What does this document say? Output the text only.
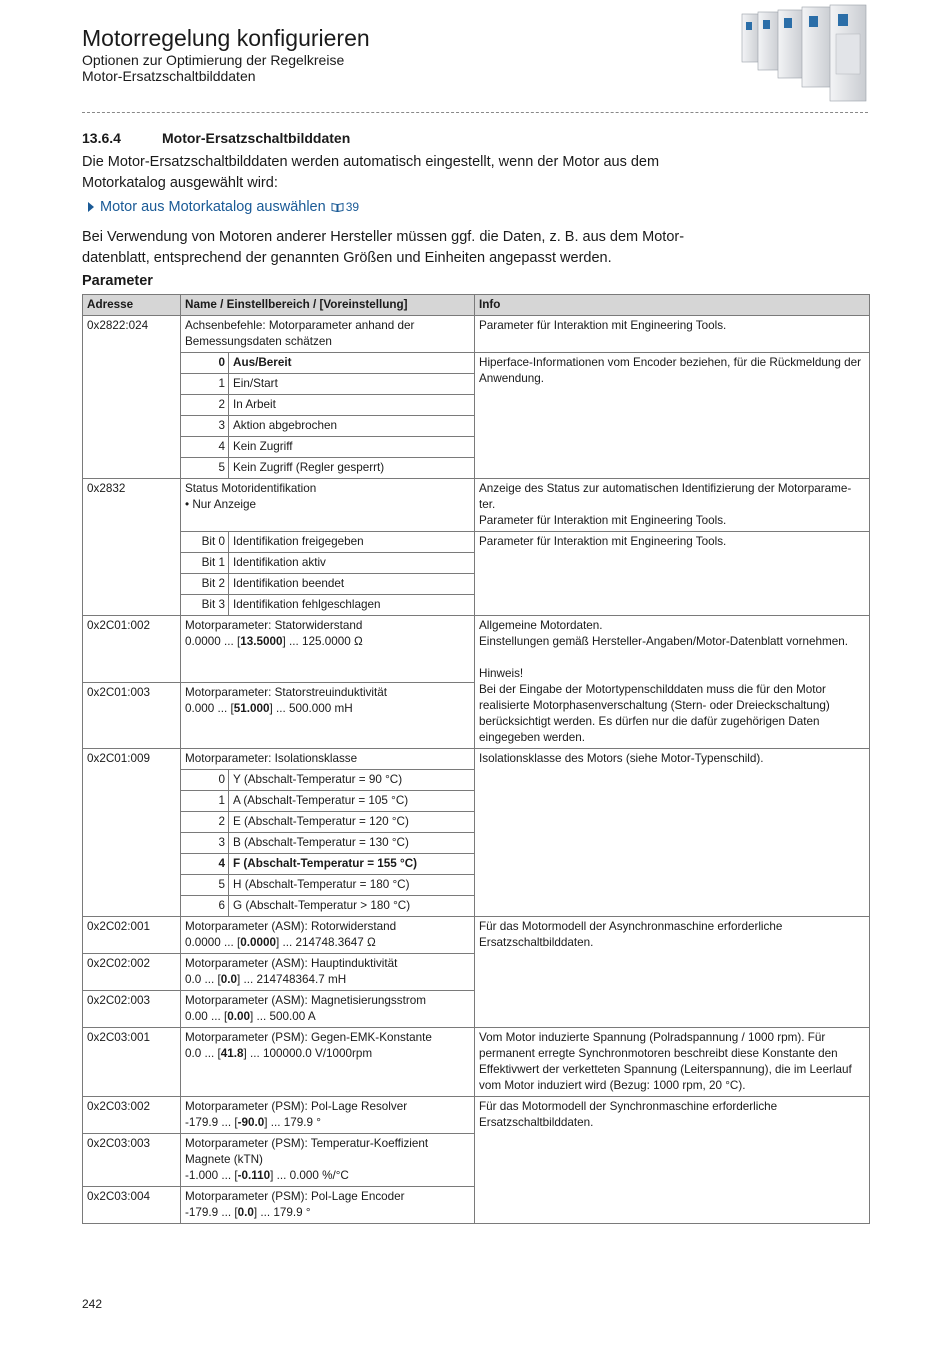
Motorregelung konfigurieren
Optionen zur Optimierung der Regelkreise
Motor-Ersatzschaltbilddaten
13.6.4	Motor-Ersatzschaltbilddaten

Die Motor-Ersatzschaltbilddaten werden automatisch eingestellt, wenn der Motor aus dem
Motorkatalog ausgewählt wird:

Motor aus Motorkatalog auswählen 39

Bei Verwendung von Motoren anderer Hersteller müssen ggf. die Daten, z. B. aus dem Motor-
datenblatt, entsprechend der genannten Größen und Einheiten angepasst werden.

Parameter
Adresse	Name / Einstellbereich / [Voreinstellung]		Info
0x2822:024	Achsenbefehle: Motorparameter anhand der Bemessungsdaten schätzen		Parameter für Interaktion mit Engineering Tools.
	0	Aus/Bereit	Hiperface-Informationen vom Encoder beziehen, für die Rückmeldung der Anwendung.
	1	Ein/Start	
	2	In Arbeit	
	3	Aktion abgebrochen	
	4	Kein Zugriff	
	5	Kein Zugriff (Regler gesperrt)	
0x2832	Status Motoridentifikation
• Nur Anzeige		Anzeige des Status zur automatischen Identifizierung der Motorparame-
ter.
Parameter für Interaktion mit Engineering Tools.
	Bit 0	Identifikation freigegeben	Parameter für Interaktion mit Engineering Tools.
	Bit 1	Identifikation aktiv	
	Bit 2	Identifikation beendet	
	Bit 3	Identifikation fehlgeschlagen	
0x2C01:002	Motorparameter: Statorwiderstand
0.0000 ... [13.5000] ... 125.0000 Ω		Allgemeine Motordaten.
Einstellungen gemäß Hersteller-Angaben/Motor-Datenblatt vornehmen.

Hinweis!
Bei der Eingabe der Motortypenschilddaten muss die für den Motor realisierte Motorphasenverschaltung (Stern- oder Dreieckschaltung) berücksichtigt werden. Es dürfen nur die dafür zugehörigen Daten eingegeben werden.
0x2C01:003	Motorparameter: Statorstreuinduktivität
0.000 ... [51.000] ... 500.000 mH		
0x2C01:009	Motorparameter: Isolationsklasse		Isolationsklasse des Motors (siehe Motor-Typenschild).
	0	Y (Abschalt-Temperatur = 90 °C)	
	1	A (Abschalt-Temperatur = 105 °C)	
	2	E (Abschalt-Temperatur = 120 °C)	
	3	B (Abschalt-Temperatur = 130 °C)	
	4	F (Abschalt-Temperatur = 155 °C)	
	5	H (Abschalt-Temperatur = 180 °C)	
	6	G (Abschalt-Temperatur > 180 °C)	
0x2C02:001	Motorparameter (ASM): Rotorwiderstand
0.0000 ... [0.0000] ... 214748.3647 Ω		Für das Motormodell der Asynchronmaschine erforderliche Ersatzschaltbilddaten.
0x2C02:002	Motorparameter (ASM): Hauptinduktivität
0.0 ... [0.0] ... 214748364.7 mH		
0x2C02:003	Motorparameter (ASM): Magnetisierungsstrom
0.00 ... [0.00] ... 500.00 A		
0x2C03:001	Motorparameter (PSM): Gegen-EMK-Konstante
0.0 ... [41.8] ... 100000.0 V/1000rpm		Vom Motor induzierte Spannung (Polradspannung / 1000 rpm). Für permanent erregte Synchronmotoren beschreibt diese Konstante den Effektivwert der verketteten Spannung (Leiterspannung), die im Leerlauf vom Motor induziert wird (Bezug: 1000 rpm, 20 °C).
0x2C03:002	Motorparameter (PSM): Pol-Lage Resolver
-179.9 ... [-90.0] ... 179.9 °		Für das Motormodell der Synchronmaschine erforderliche Ersatzschaltbilddaten.
0x2C03:003	Motorparameter (PSM): Temperatur-Koeffizient Magnete (kTN)
-1.000 ... [-0.110] ... 0.000 %/°C		
0x2C03:004	Motorparameter (PSM): Pol-Lage Encoder
-179.9 ... [0.0] ... 179.9 °		
242
